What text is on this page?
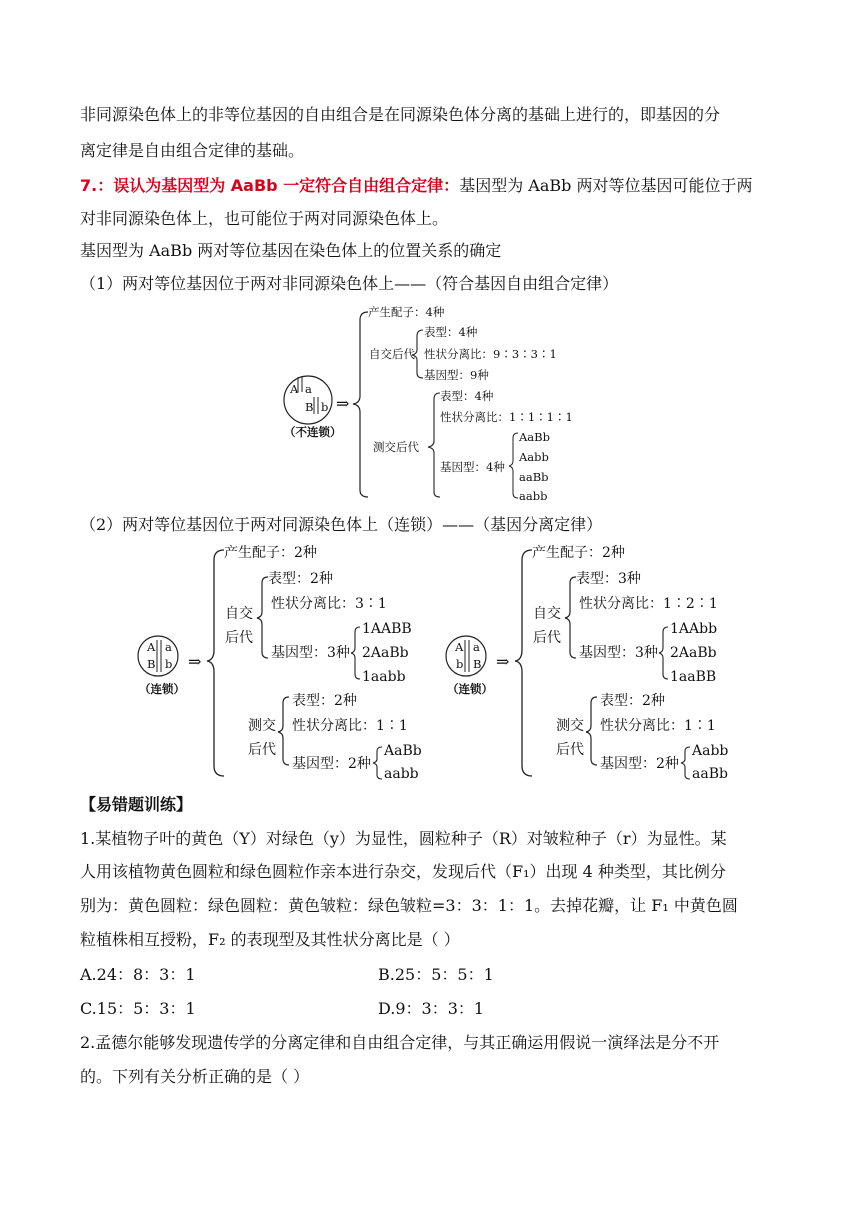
非同源染色体上的非等位基因的自由组合是在同源染色体分离的基础上进行的，即基因的分
离定律是自由组合定律的基础。
7.：误认为基因型为 AaBb 一定符合自由组合定律：基因型为 AaBb 两对等位基因可能位于两
对非同源染色体上，也可能位于两对同源染色体上。
基因型为 AaBb 两对等位基因在染色体上的位置关系的确定
（1）两对等位基因位于两对非同源染色体上——（符合基因自由组合定律）
A a
B b
（不连锁）
⇒
产生配子：4种
自交后代
表型：4种
性状分离比：9∶3∶3∶1
基因型：9种
测交后代
表型：4种
性状分离比：1∶1∶1∶1
基因型：4种
AaBb
Aabb
aaBb
aabb
（2）两对等位基因位于两对同源染色体上（连锁）——（基因分离定律）
A a
B b
（连锁）
⇒
产生配子：2种
自交
后代
表型：2种
性状分离比：3∶1
基因型：3种
1AABB
2AaBb
1aabb
测交
后代
表型：2种
性状分离比：1∶1
基因型：2种
AaBb
aabb
A a
b B
（连锁）
⇒
产生配子：2种
自交
后代
表型：3种
性状分离比：1∶2∶1
基因型：3种
1AAbb
2AaBb
1aaBB
测交
后代
表型：2种
性状分离比：1∶1
基因型：2种
Aabb
aaBb
【易错题训练】
1.某植物子叶的黄色（Y）对绿色（y）为显性，圆粒种子（R）对皱粒种子（r）为显性。某
人用该植物黄色圆粒和绿色圆粒作亲本进行杂交，发现后代（F₁）出现 4 种类型，其比例分
别为：黄色圆粒：绿色圆粒：黄色皱粒：绿色皱粒=3：3：1：1。去掉花瓣，让 F₁ 中黄色圆
粒植株相互授粉，F₂ 的表现型及其性状分离比是（ ）
A.24：8：3：1	B.25：5：5：1
C.15：5：3：1	D.9：3：3：1
2.孟德尔能够发现遗传学的分离定律和自由组合定律，与其正确运用假说一演绎法是分不开
的。下列有关分析正确的是（ ）
